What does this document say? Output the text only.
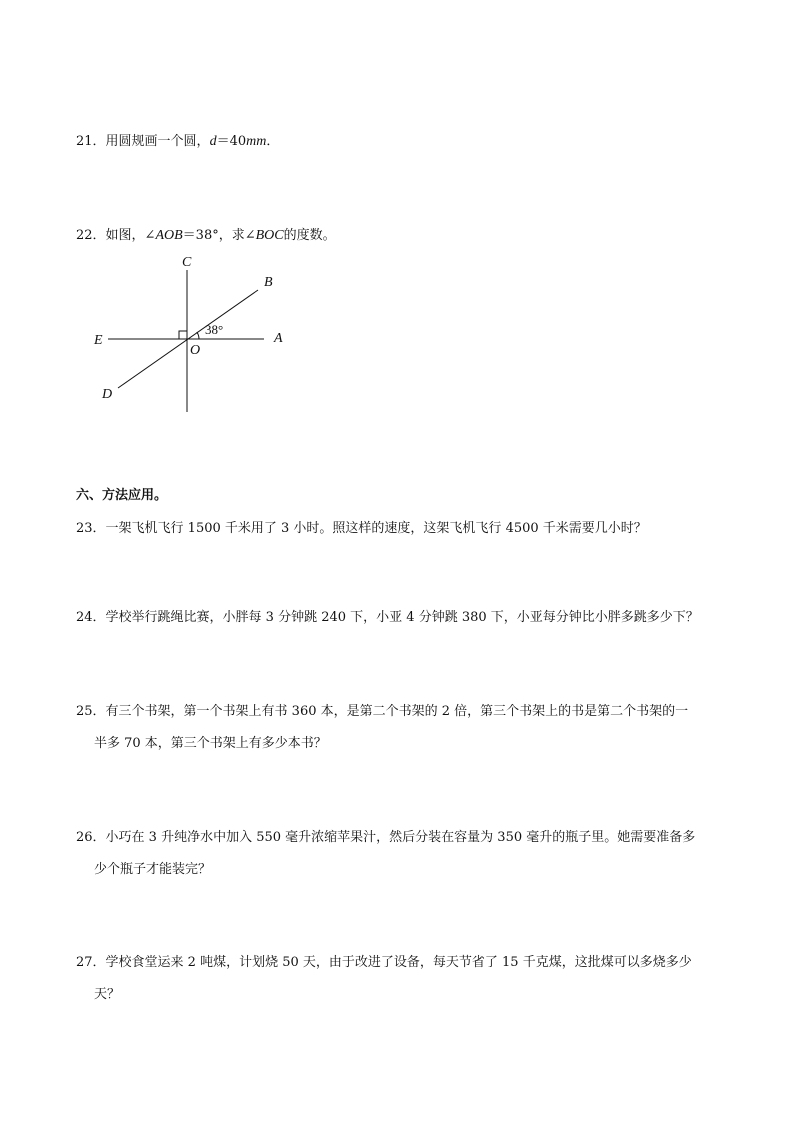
21．用圆规画一个圆，d＝40mm．
22．如图，∠AOB＝38°，求∠BOC的度数。
C
B
E	A
O
D
38°
六、方法应用。
23．一架飞机飞行 1500 千米用了 3 小时。照这样的速度，这架飞机飞行 4500 千米需要几小时？
24．学校举行跳绳比赛，小胖每 3 分钟跳 240 下，小亚 4 分钟跳 380 下，小亚每分钟比小胖多跳多少下？
25．有三个书架，第一个书架上有书 360 本，是第二个书架的 2 倍，第三个书架上的书是第二个书架的一
半多 70 本，第三个书架上有多少本书？
26．小巧在 3 升纯净水中加入 550 毫升浓缩苹果汁，然后分装在容量为 350 毫升的瓶子里。她需要准备多
少个瓶子才能装完？
27．学校食堂运来 2 吨煤，计划烧 50 天，由于改进了设备，每天节省了 15 千克煤，这批煤可以多烧多少
天？
